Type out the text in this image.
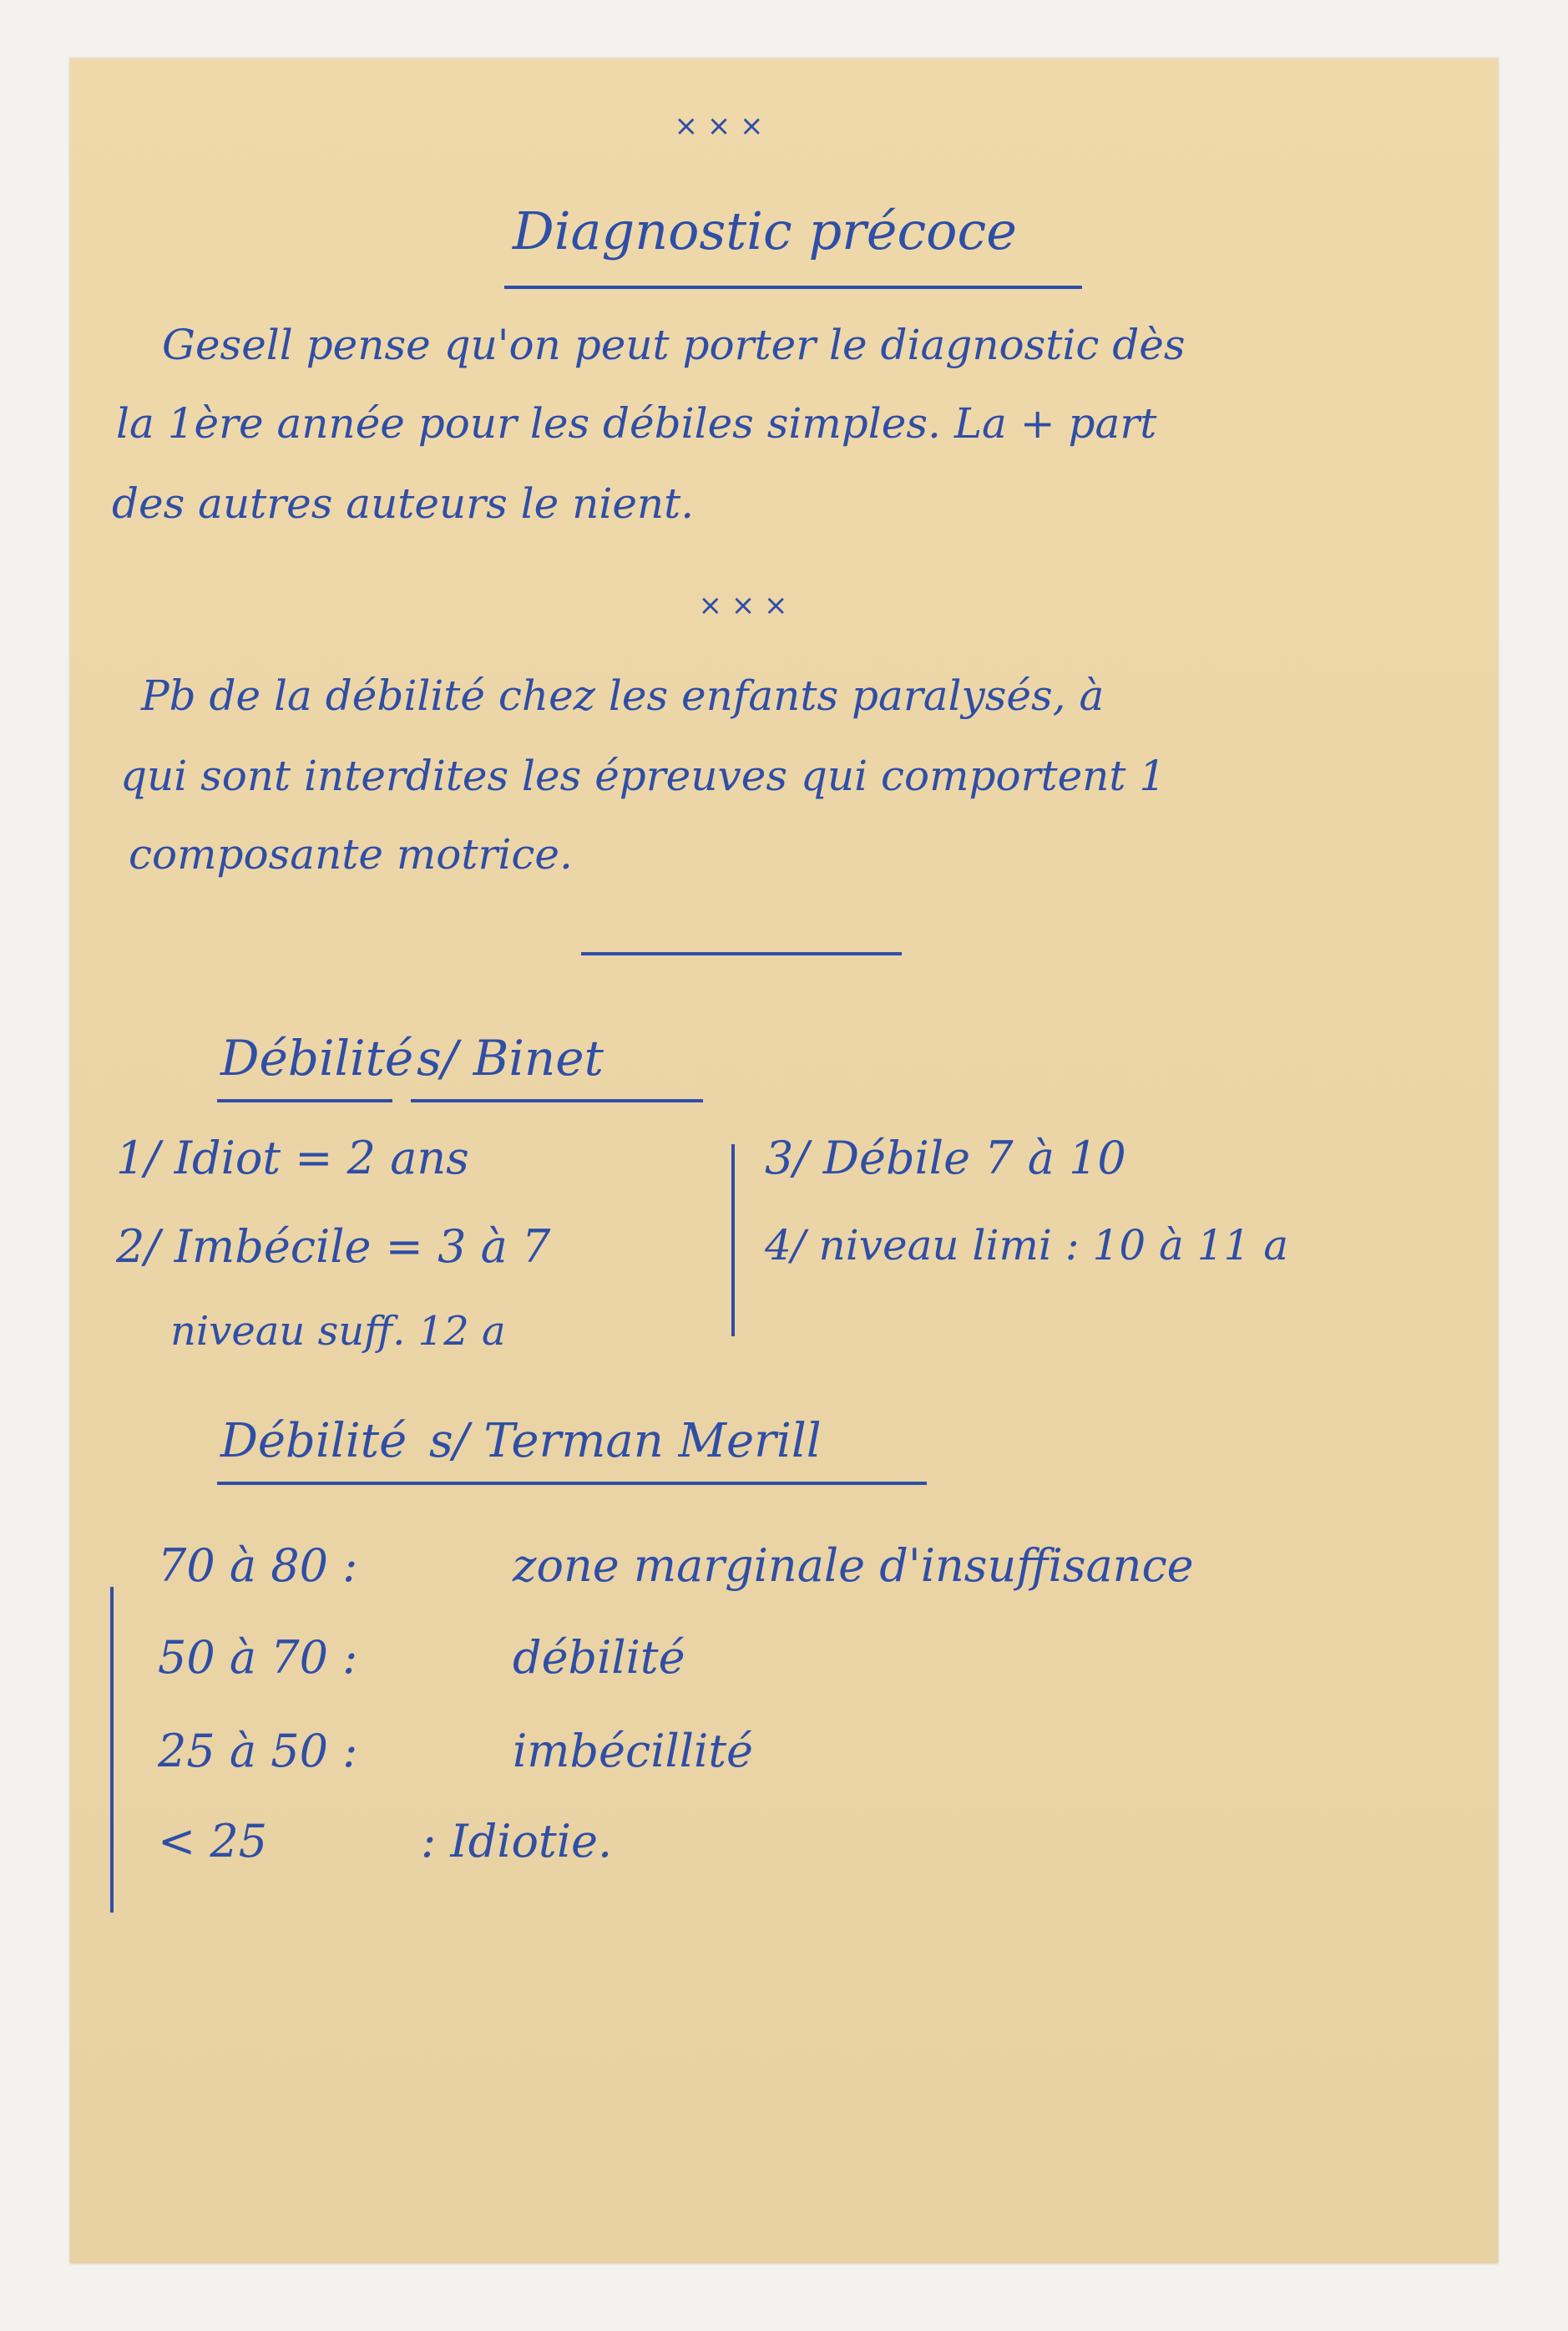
× × ×
Diagnostic précoce
Gesell pense qu'on peut porter le diagnostic dès
la 1ère année pour les débiles simples. La + part
des autres auteurs le nient.
× × ×
Pb de la débilité chez les enfants paralysés, à
qui sont interdites les épreuves qui comportent 1
composante motrice.
Débilité s/ Binet
1/ Idiot = 2 ans
2/ Imbécile = 3 à 7
niveau suff. 12 a
3/ Débile 7 à 10
4/ niveau limi : 10 à 11 a
Débilité s/ Terman Merill
70 à 80 :	zone marginale d'insuffisance
50 à 70 :	débilité
25 à 50 :	imbécillité
< 25	: Idiotie.
